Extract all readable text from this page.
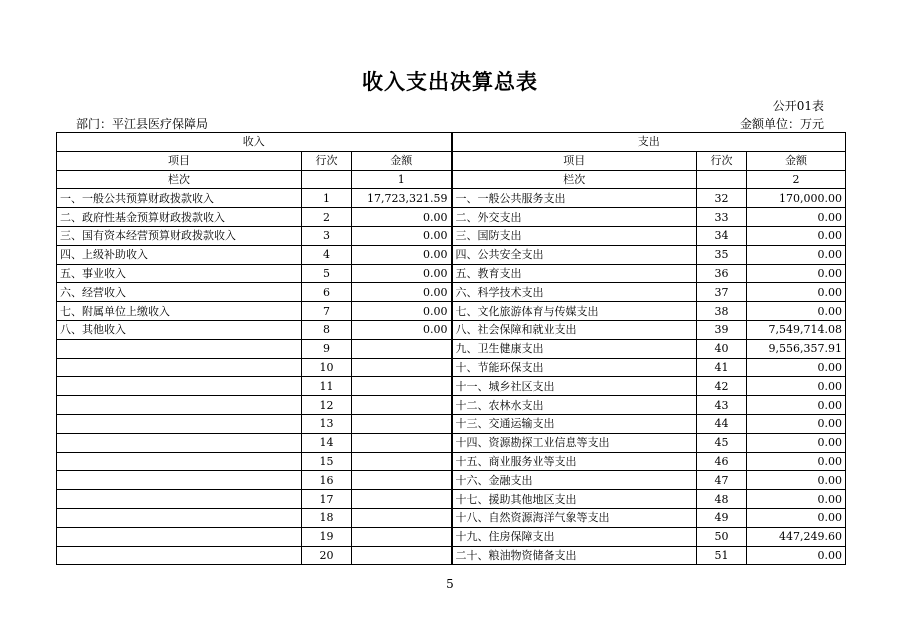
收入支出决算总表
公开01表
部门：平江县医疗保障局	金额单位：万元
收入			支出		
项目	行次	金额	项目	行次	金额
栏次		1	栏次		2
一、一般公共预算财政拨款收入	1	17,723,321.59	一、一般公共服务支出	32	170,000.00
二、政府性基金预算财政拨款收入	2	0.00	二、外交支出	33	0.00
三、国有资本经营预算财政拨款收入	3	0.00	三、国防支出	34	0.00
四、上级补助收入	4	0.00	四、公共安全支出	35	0.00
五、事业收入	5	0.00	五、教育支出	36	0.00
六、经营收入	6	0.00	六、科学技术支出	37	0.00
七、附属单位上缴收入	7	0.00	七、文化旅游体育与传媒支出	38	0.00
八、其他收入	8	0.00	八、社会保障和就业支出	39	7,549,714.08
	9		九、卫生健康支出	40	9,556,357.91
	10		十、节能环保支出	41	0.00
	11		十一、城乡社区支出	42	0.00
	12		十二、农林水支出	43	0.00
	13		十三、交通运输支出	44	0.00
	14		十四、资源勘探工业信息等支出	45	0.00
	15		十五、商业服务业等支出	46	0.00
	16		十六、金融支出	47	0.00
	17		十七、援助其他地区支出	48	0.00
	18		十八、自然资源海洋气象等支出	49	0.00
	19		十九、住房保障支出	50	447,249.60
	20		二十、粮油物资储备支出	51	0.00
5
